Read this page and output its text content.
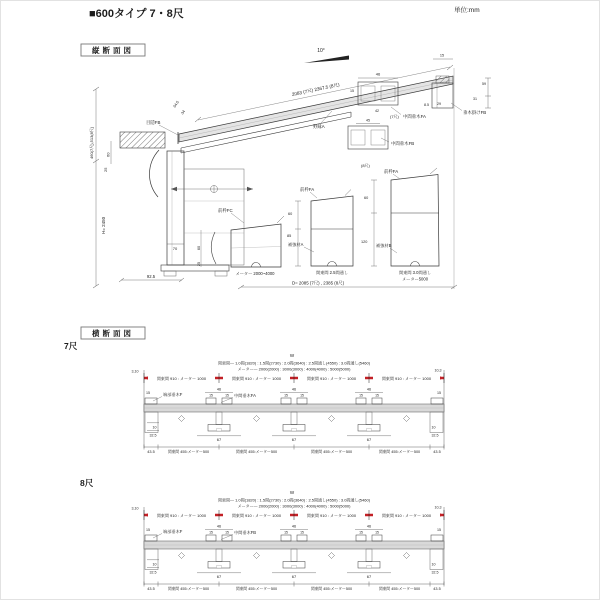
■600タイプ 7・8尺	単位:mm
縦断面図
460(7尺),513(8尺)	60
25
H= 2450
10°
2083 (7尺) 2367.5 (8尺)
34.5
34
目隠FB
野縁A
70
92.5
46
15
42
(7尺) 中間垂木FA
45
(8尺)
中間垂木FB
15
8.5 29
59
31
垂木掛けFB
60
25
前枠FC
メーター 2000~4000
60
85
前枠FA
補強材A
関東間 2.5間通し
60
120
前枠FA
補強材B
関東間 3.0間通し
メーター5000
D= 2085 (7尺) , 2385 (8尺)
横断面図
7尺
W
関東間— 1.0間(1820) : 1.5間(2730) : 2.0間(3640) : 2.5間通し(4550) : 3.0間通し(5460)
メーター— 2000(2000) : 3000(3000) : 4000(4000) : 5000(5000)
3,10	10,3
関東間 910 : メーター 1000	関東間 910 : メーター 1000	関東間 910 : メーター 1000	関東間 910 : メーター 1000
15	端部垂木F
46
15	15
46
15	15
46
15	15
中間垂木FA
15
10
32.5
10
32.5
67	67	67
43.5	関東間 455:メーター500	関東間 455:メーター500	関東間 455:メーター500	関東間 455:メーター500	43.5
8尺
W
関東間— 1.0間(1820) : 1.5間(2730) : 2.0間(3640) : 2.5間通し(4550) : 3.0間通し(5460)
メーター— 2000(2000) : 3000(3000) : 4000(4000) : 5000(5000)
3,10	10,3
関東間 910 : メーター 1000	関東間 910 : メーター 1000	関東間 910 : メーター 1000	関東間 910 : メーター 1000
15	端部垂木F
46
15	15
46
15	15
46
15	15
中間垂木FB
15
10
32.5
10
32.5
67	67	67
43.5	関東間 455:メーター500	関東間 455:メーター500	関東間 455:メーター500	関東間 455:メーター500	43.5
